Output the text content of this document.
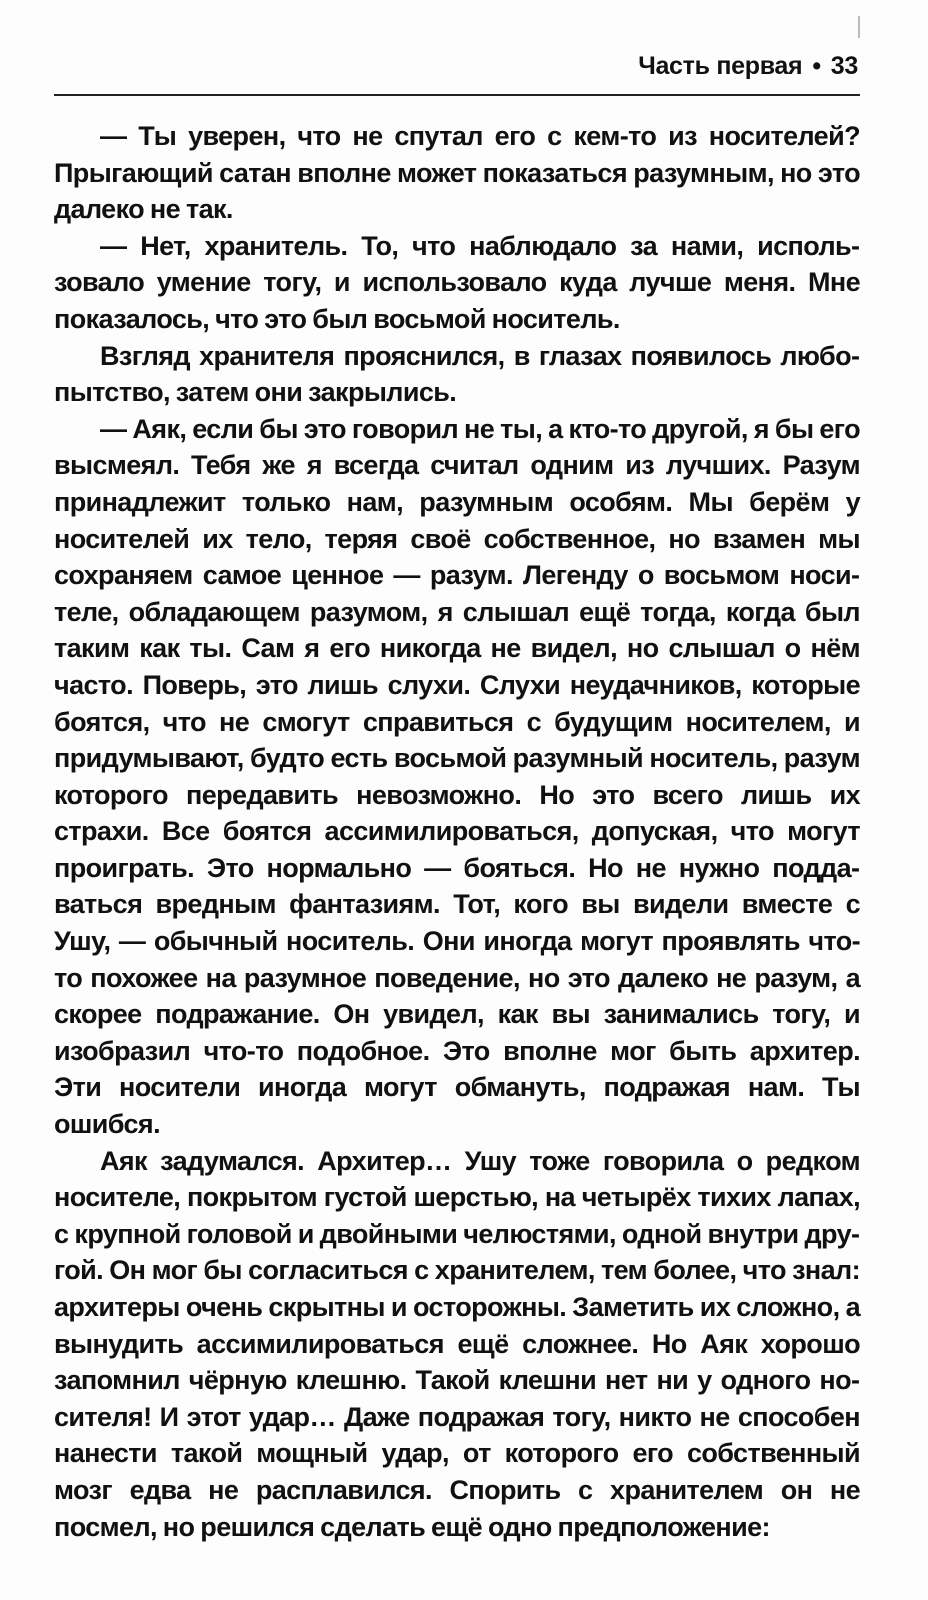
Часть первая • 33

— Ты уверен, что не спутал его с кем-то из носителей? Прыгающий сатан вполне может показаться разумным, но это далеко не так.

— Нет, хранитель. То, что наблюдало за нами, использовало умение тогу, и использовало куда лучше меня. Мне показалось, что это был восьмой носитель.

Взгляд хранителя прояснился, в глазах появилось любопытство, затем они закрылись.

— Аяк, если бы это говорил не ты, а кто-то другой, я бы его высмеял. Тебя же я всегда считал одним из лучших. Разум принадлежит только нам, разумным особям. Мы берём у носителей их тело, теряя своё собственное, но взамен мы сохраняем самое ценное — разум. Легенду о восьмом носителе, обладающем разумом, я слышал ещё тогда, когда был таким как ты. Сам я его никогда не видел, но слышал о нём часто. Поверь, это лишь слухи. Слухи неудачников, которые боятся, что не смогут справиться с будущим носителем, и придумывают, будто есть восьмой разумный носитель, разум которого передавить невозможно. Но это всего лишь их страхи. Все боятся ассимилироваться, допуская, что могут проиграть. Это нормально — бояться. Но не нужно поддаваться вредным фантазиям. Тот, кого вы видели вместе с Ушу, — обычный носитель. Они иногда могут проявлять что-то похожее на разумное поведение, но это далеко не разум, а скорее подражание. Он увидел, как вы занимались тогу, и изобразил что-то подобное. Это вполне мог быть архитер. Эти носители иногда могут обмануть, подражая нам. Ты ошибся.

Аяк задумался. Архитер… Ушу тоже говорила о редком носителе, покрытом густой шерстью, на четырёх тихих лапах, с крупной головой и двойными челюстями, одной внутри другой. Он мог бы согласиться с хранителем, тем более, что знал: архитеры очень скрытны и осторожны. Заметить их сложно, а вынудить ассимилироваться ещё сложнее. Но Аяк хорошо запомнил чёрную клешню. Такой клешни нет ни у одного носителя! И этот удар… Даже подражая тогу, никто не способен нанести такой мощный удар, от которого его собственный мозг едва не расплавился. Спорить с хранителем он не посмел, но решился сделать ещё одно предположение:
